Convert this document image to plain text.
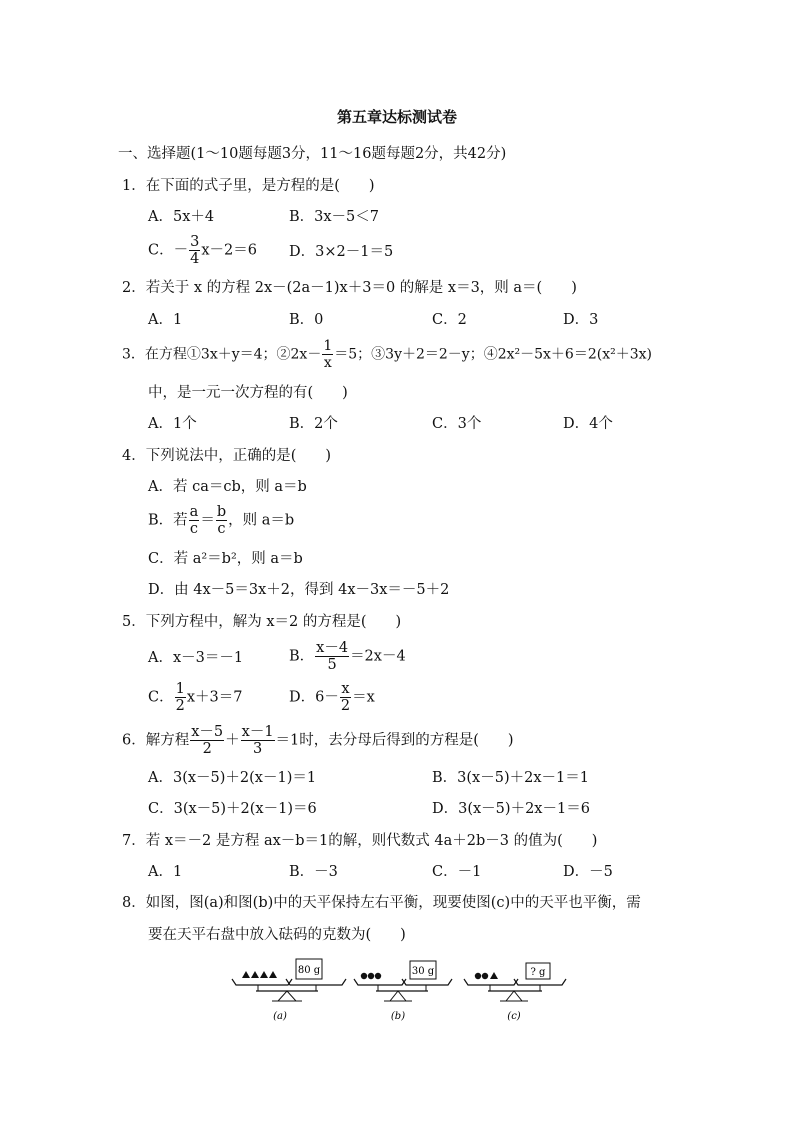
第五章达标测试卷
一、选择题(1～10题每题3分，11～16题每题2分，共42分)
1．在下面的式子里，是方程的是(　　)
A．5x＋4	B．3x－5＜7
C．－ $\frac{3}{4} x-2=6$ D．3×2－1＝5
2．若关于 x 的方程 2x－(2a－1)x＋3＝0 的解是 x＝3，则 a＝(　　)
A．1	B．0	C．2	D．3
3．在方程①3x＋y＝4；②2x－ $\frac{1}{x} =5$；③3y＋2＝2－y；④2x²－5x＋6＝2(x²＋3x)
中，是一元一次方程的有(　　)
A．1个	B．2个	C．3个	D．4个
4．下列说法中，正确的是(　　)
A．若 ca＝cb，则 a＝b
B．若 $\frac{a}{c} = \frac{b}{c}$ ，则 a＝b
C．若 a²＝b²，则 a＝b
D．由 4x－5＝3x＋2，得到 4x－3x＝－5＋2
5．下列方程中，解为 x＝2 的方程是(　　)
A．x－3＝－1	B． $\frac{x-4}{5} =2x-4$
C． $\frac{1}{2} x+3=7$	D．$6- \frac{x}{2} =x$
6．解方程 $\frac{x-5}{2} + \frac{x-1}{3} =1$时，去分母后得到的方程是(　　)
A．3(x－5)＋2(x－1)＝1	B．3(x－5)＋2x－1＝1
C．3(x－5)＋2(x－1)＝6	D．3(x－5)＋2x－1＝6
7．若 x＝－2 是方程 ax－b＝1的解，则代数式 4a＋2b－3 的值为(　　)
A．1	B．－3	C．－1	D．－5
8．如图，图(a)和图(b)中的天平保持左右平衡，现要使图(c)中的天平也平衡，需
要在天平右盘中放入砝码的克数为(　　)
80 g
(a)
30 g
(b)
? g
(c)
